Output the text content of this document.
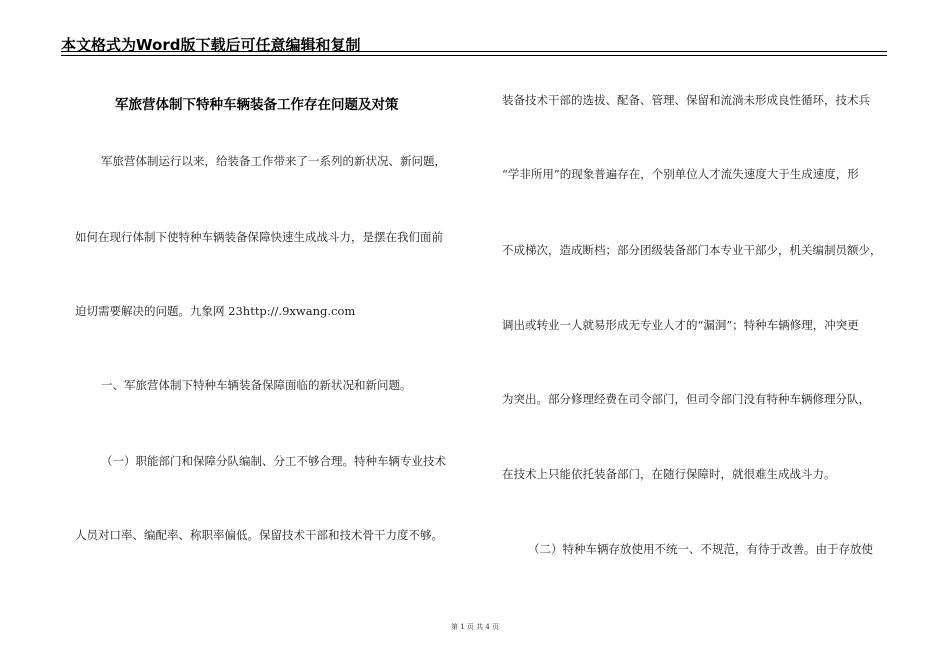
本文格式为Word版下载后可任意编辑和复制
军旅营体制下特种车辆装备工作存在问题及对策
军旅营体制运行以来，给装备工作带来了一系列的新状况、新问题，
如何在现行体制下使特种车辆装备保障快速生成战斗力，是摆在我们面前
迫切需要解决的问题。九象网 23http://.9xwang.com
一、军旅营体制下特种车辆装备保障面临的新状况和新问题。
（一）职能部门和保障分队编制、分工不够合理。特种车辆专业技术
人员对口率、编配率、称职率偏低。保留技术干部和技术骨干力度不够。
装备技术干部的选拔、配备、管理、保留和流淌未形成良性循环，技术兵
“学非所用”的现象普遍存在，个别单位人才流失速度大于生成速度，形
不成梯次，造成断档；部分团级装备部门本专业干部少，机关编制员额少，
调出或转业一人就易形成无专业人才的“漏洞”；特种车辆修理，冲突更
为突出。部分修理经费在司令部门，但司令部门没有特种车辆修理分队，
在技术上只能依托装备部门，在随行保障时，就很难生成战斗力。
（二）特种车辆存放使用不统一、不规范，有待于改善。由于存放使
第 1 页 共 4 页
